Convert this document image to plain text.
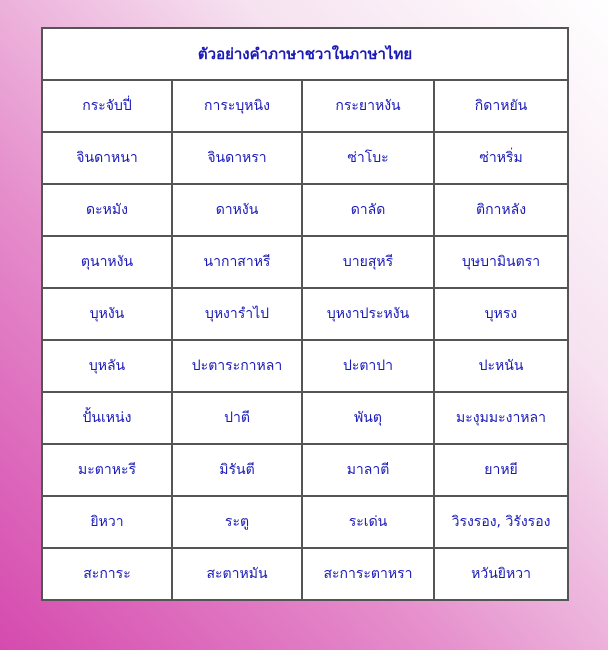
ตัวอย่างคำภาษาชวาในภาษาไทย			
กระจับปี่	การะบุหนิง	กระยาหงัน	กิดาหยัน
จินดาหนา	จินดาหรา	ซ่าโบะ	ซ่าหริ่ม
ดะหมัง	ดาหงัน	ดาลัด	ติกาหลัง
ตุนาหงัน	นากาสาหรี	บายสุหรี	บุษบามินตรา
บุหงัน	บุหงารำไป	บุหงาประหงัน	บุหรง
บุหลัน	ปะตาระกาหลา	ปะตาปา	ปะหนัน
ปั้นเหน่ง	ปาตี	พันตุ	มะงุมมะงาหลา
มะตาหะรี	มิรันตี	มาลาตี	ยาหยี
ยิหวา	ระตู	ระเด่น	วิรงรอง, วิรังรอง
สะการะ	สะตาหมัน	สะการะตาหรา	หวันยิหวา
